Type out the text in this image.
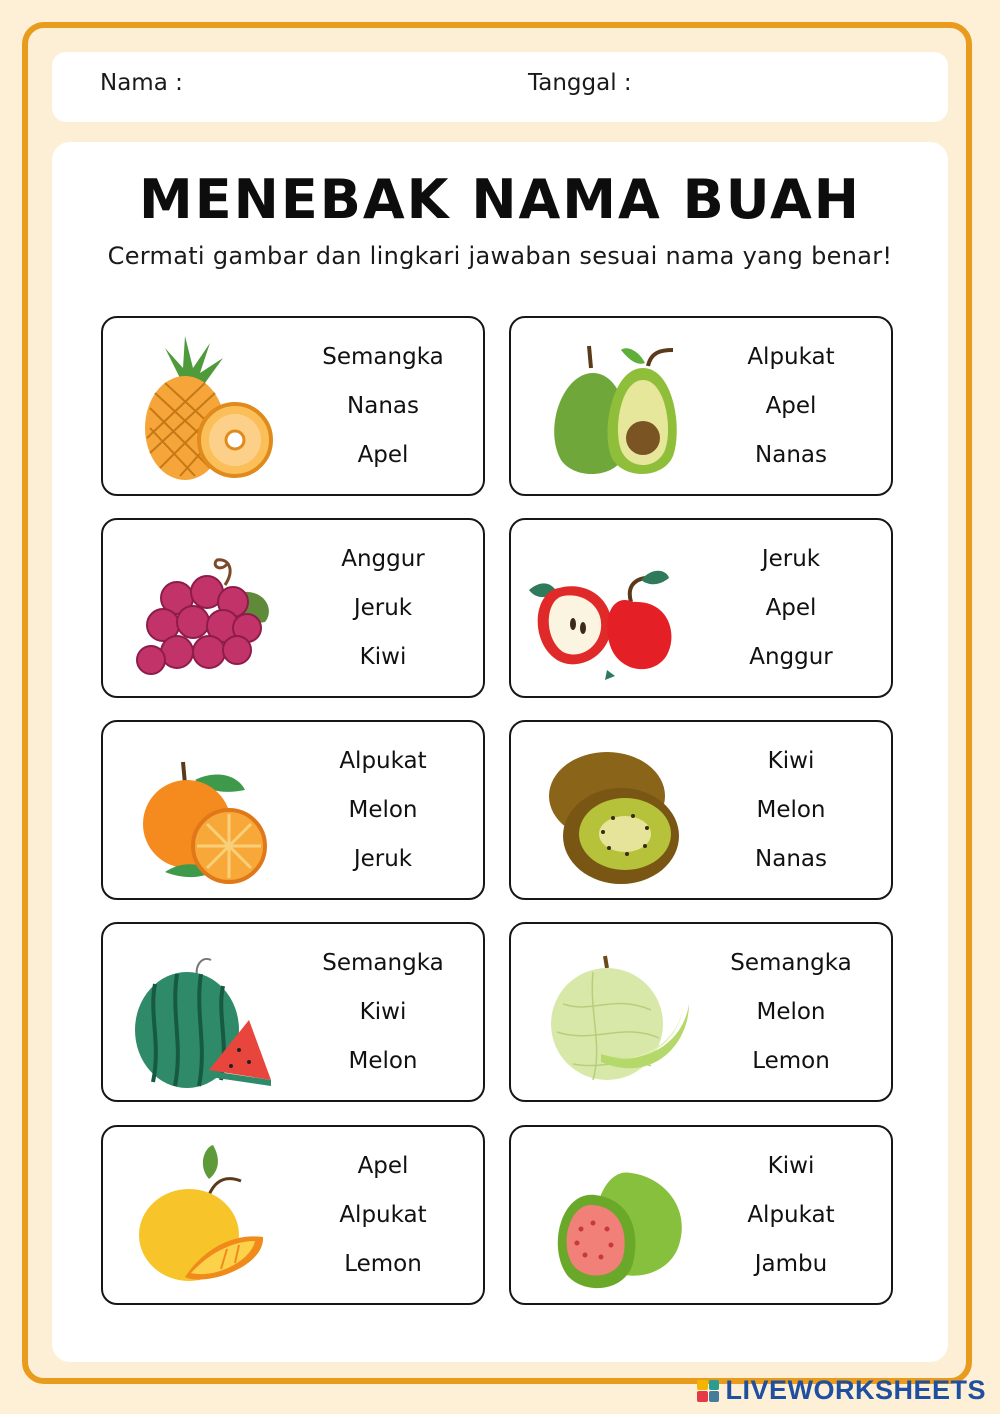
Nama :	Tanggal :
MENEBAK NAMA BUAH
Cermati gambar dan lingkari jawaban sesuai nama yang benar!
Semangka
Nanas
Apel
Alpukat
Apel
Nanas
Anggur
Jeruk
Kiwi
Jeruk
Apel
Anggur
Alpukat
Melon
Jeruk
Kiwi
Melon
Nanas
Semangka
Kiwi
Melon
Semangka
Melon
Lemon
Apel
Alpukat
Lemon
Kiwi
Alpukat
Jambu
LIVEWORKSHEETS
